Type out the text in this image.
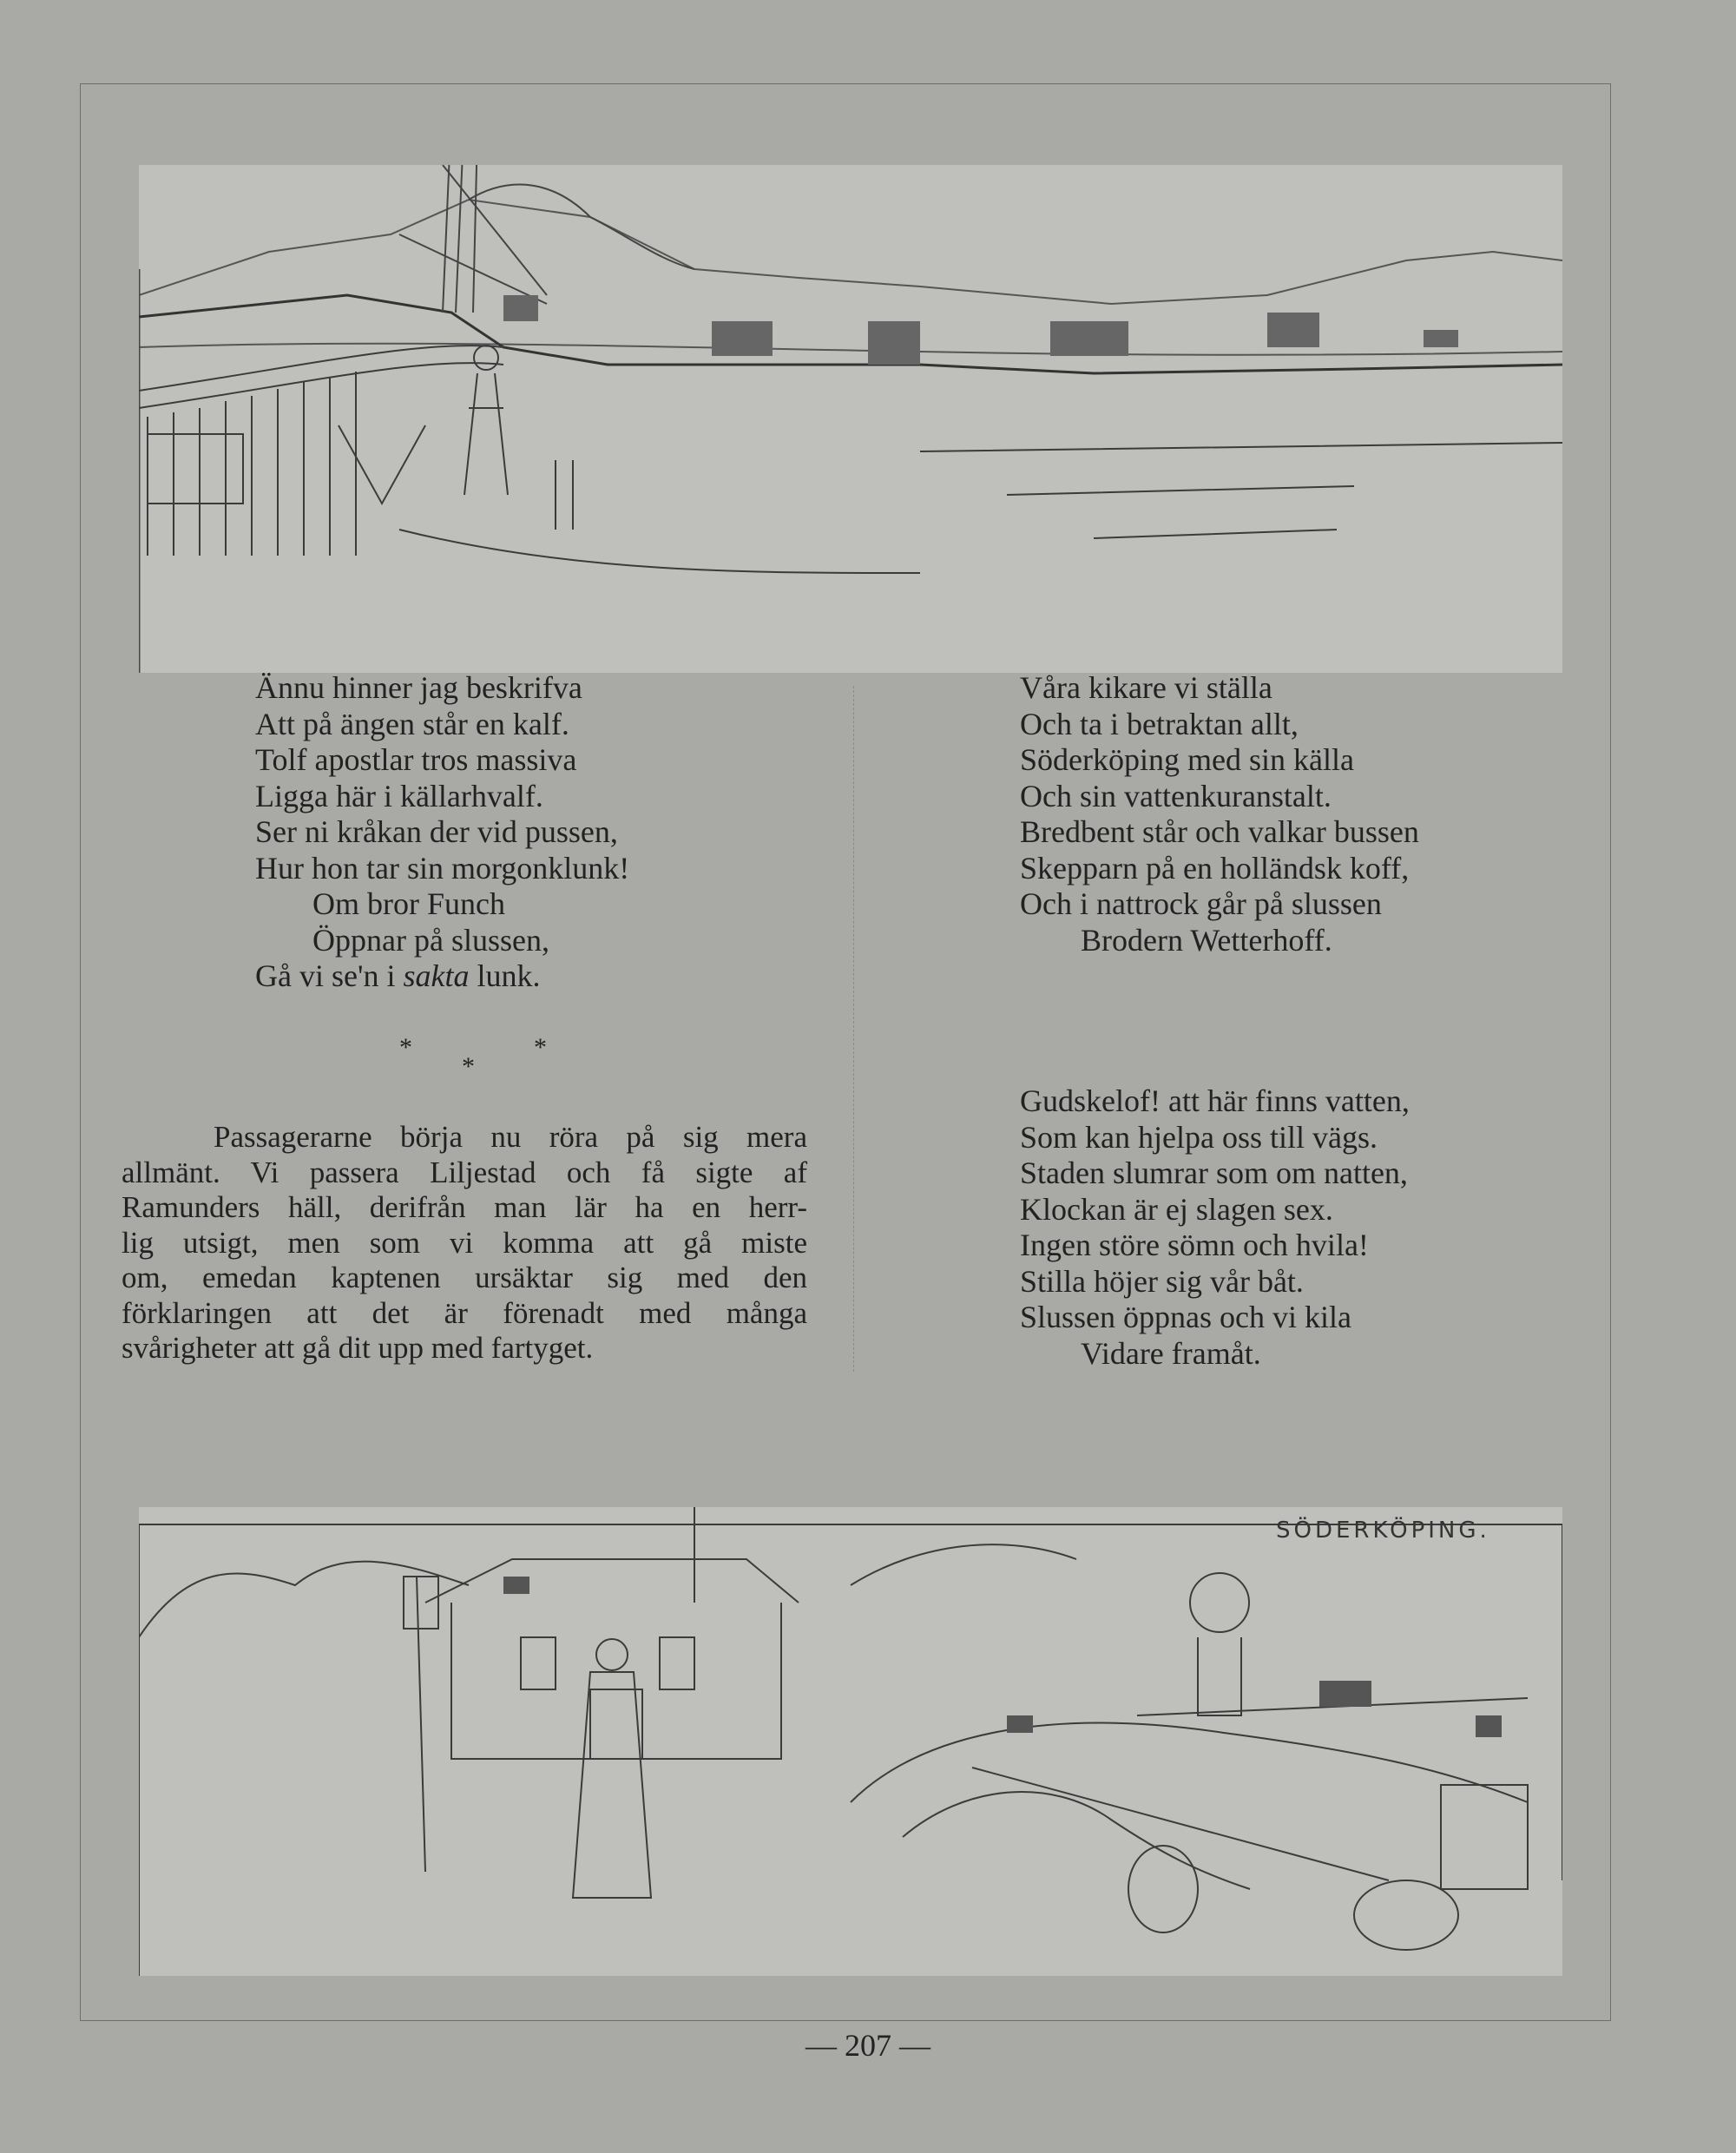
Ännu hinner jag beskrifva
Att på ängen står en kalf.
Tolf apostlar tros massiva
Ligga här i källarhvalf.
Ser ni kråkan der vid pussen,
Hur hon tar sin morgonklunk!
Om bror Funch
Öppnar på slussen,
Gå vi se'n i sakta lunk.
Våra kikare vi ställa
Och ta i betraktan allt,
Söderköping med sin källa
Och sin vattenkuranstalt.
Bredbent står och valkar bussen
Skepparn på en holländsk koff,
Och i nattrock går på slussen
Brodern Wetterhoff.
*
*
*
Passagerarne börja nu röra på sig mera
allmänt. Vi passera Liljestad och få sigte af
Ramunders häll, derifrån man lär ha en herr-
lig utsigt, men som vi komma att gå miste
om, emedan kaptenen ursäktar sig med den
förklaringen att det är förenadt med många
svårigheter att gå dit upp med fartyget.
Gudskelof! att här finns vatten,
Som kan hjelpa oss till vägs.
Staden slumrar som om natten,
Klockan är ej slagen sex.
Ingen störe sömn och hvila!
Stilla höjer sig vår båt.
Slussen öppnas och vi kila
Vidare framåt.
SÖDERKÖPING.
— 207 —
